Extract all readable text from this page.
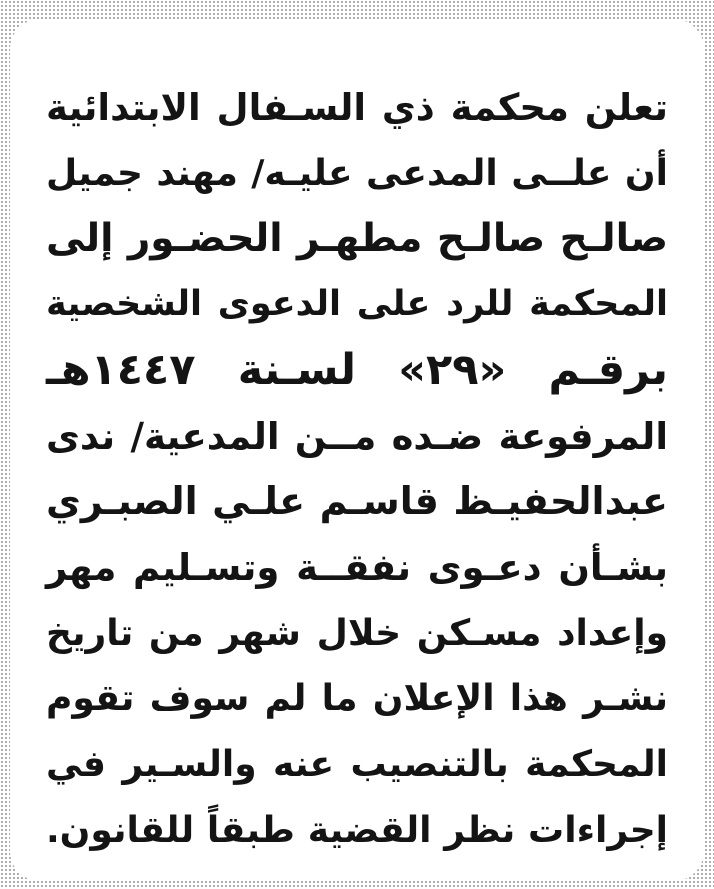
تعلن محكمة ذي السـفال الابتدائية
أن علــى المدعى عليـه/ مهند جميل
صالـح صالـح مطهـر الحضـور إلى
المحكمة للرد على الدعوى الشخصية
برقـم «٢٩» لسـنة ١٤٤٧هـ
المرفوعة ضـده مــن المدعية/ ندى
عبدالحفيـظ قاسـم علـي الصبـري
بشـأن دعـوى نفقــة وتسـليم مهر
وإعداد مسـكن خلال شهر من تاريخ
نشـر هذا الإعلان ما لم سوف تقوم
المحكمة بالتنصيب عنه والسـير في
إجراءات نظر القضية طبقاً للقانون.
